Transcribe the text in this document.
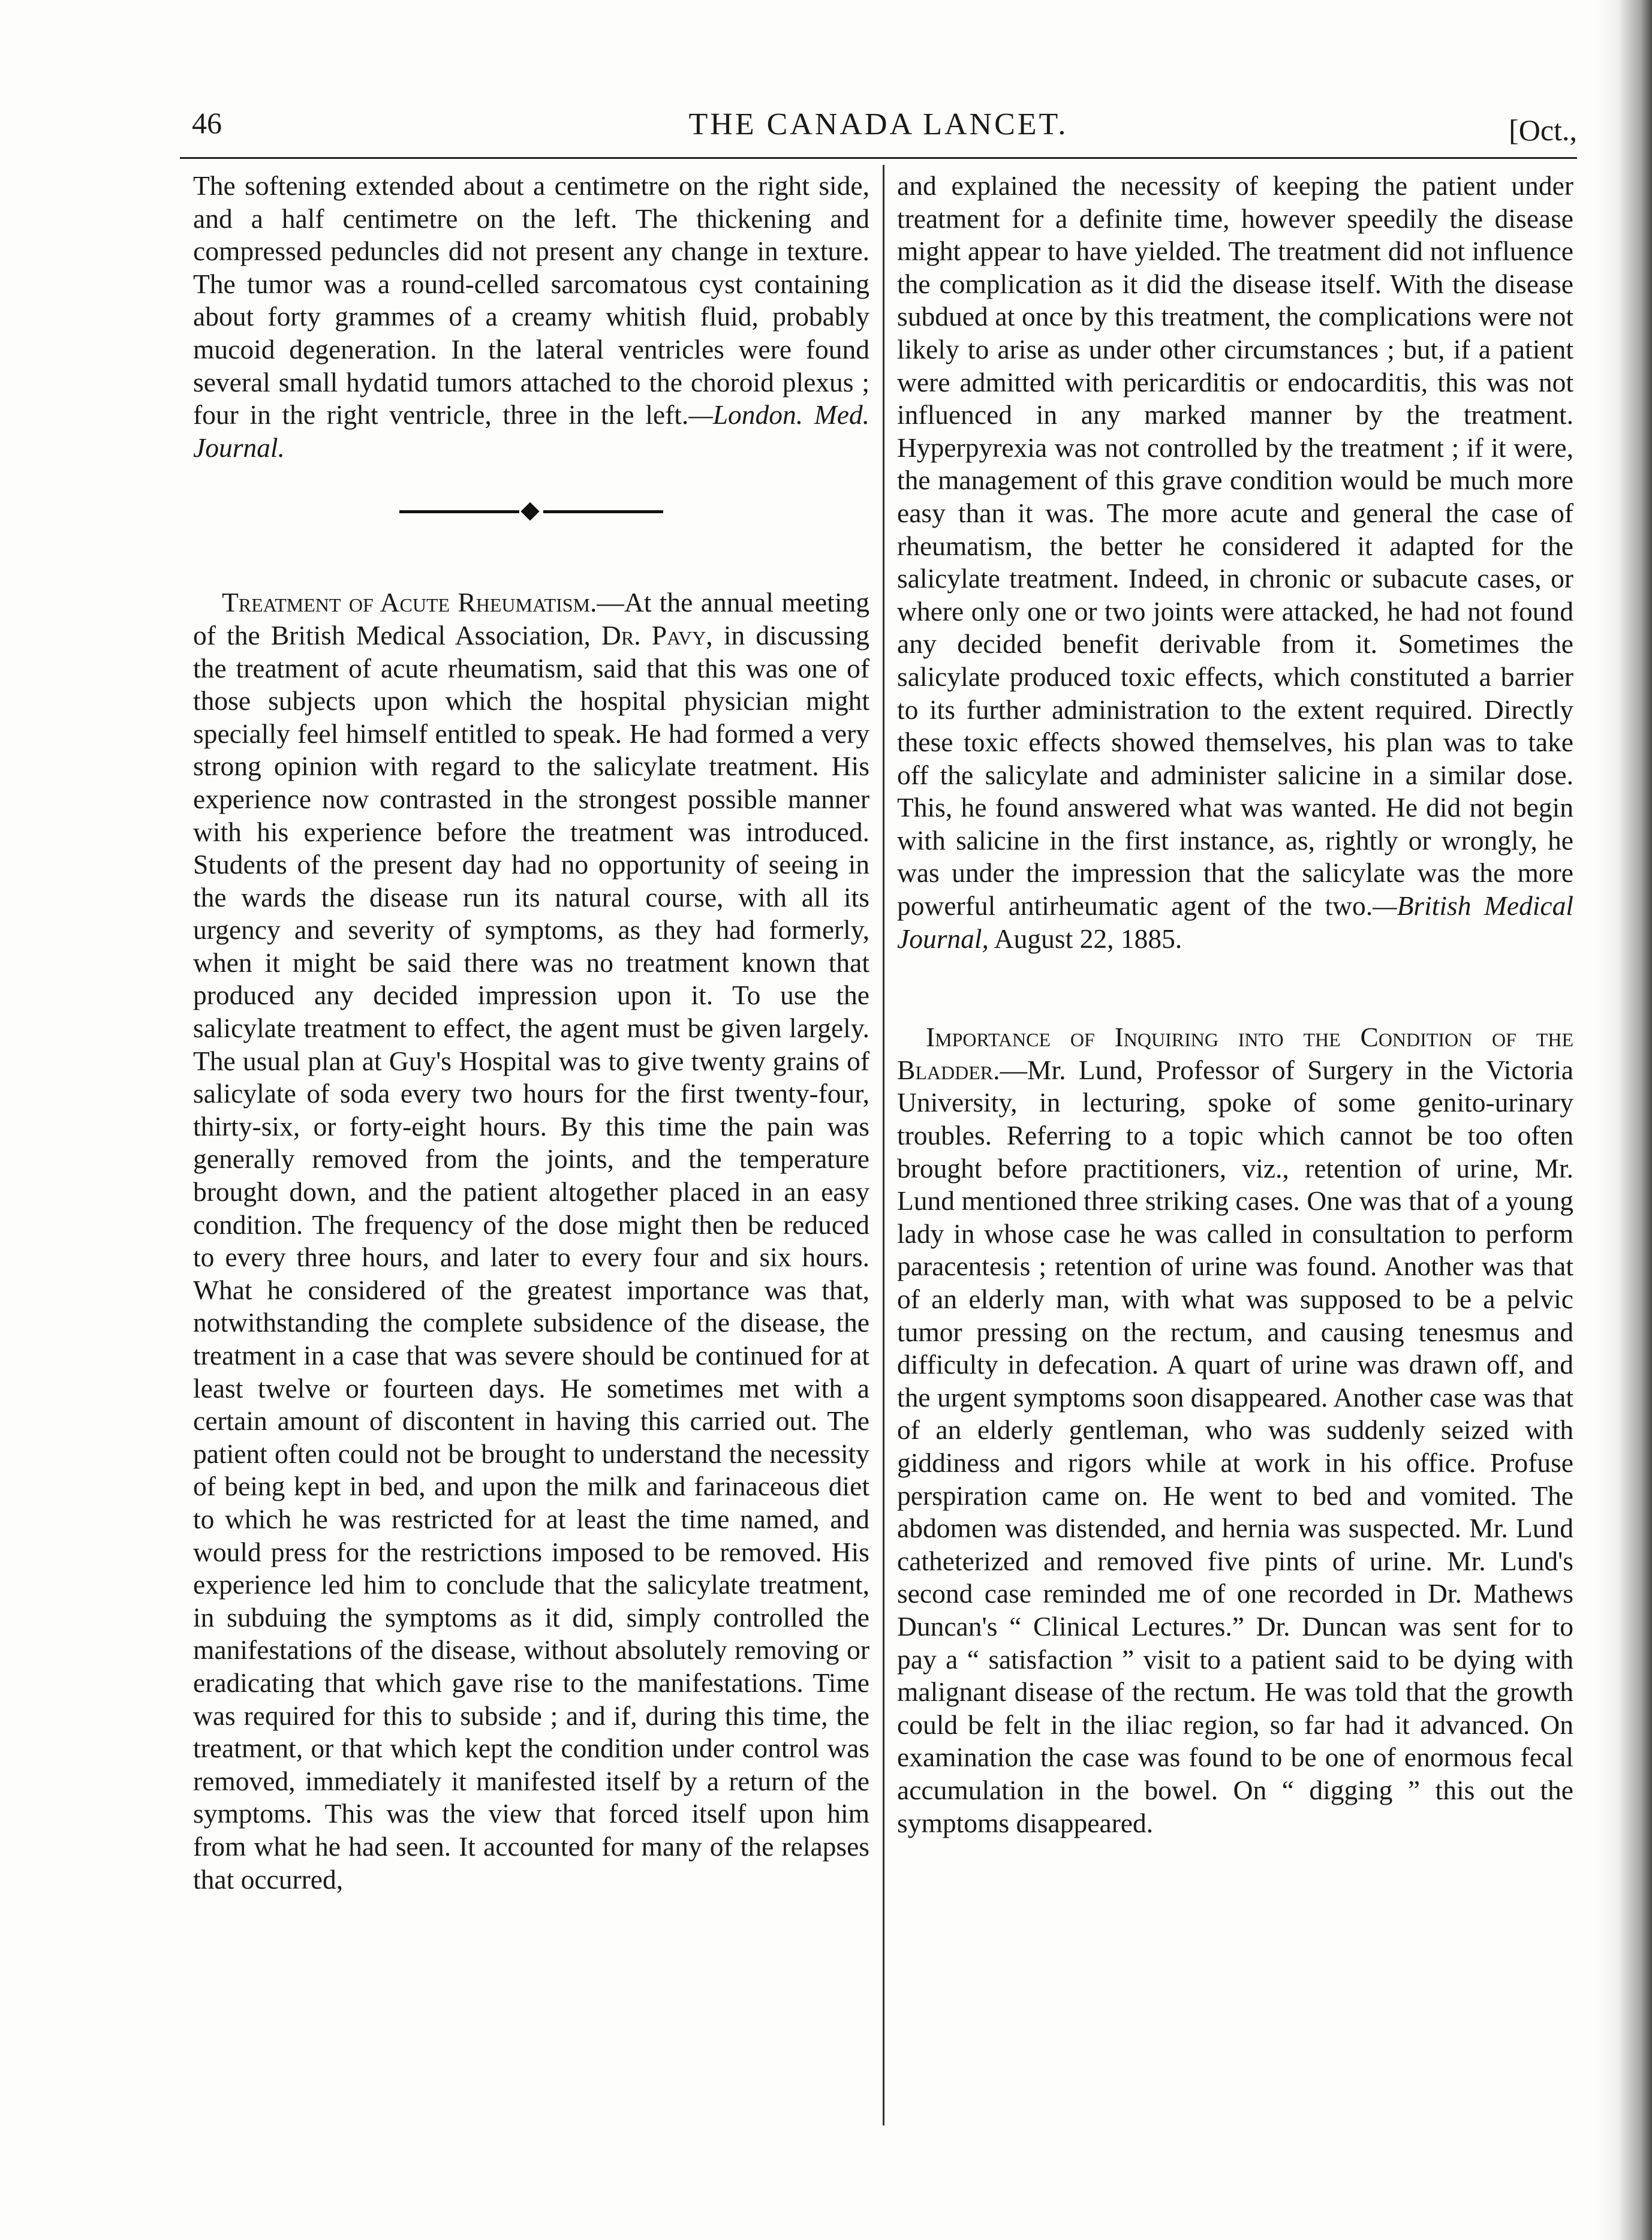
46	THE CANADA LANCET.	[Oct.,

The softening extended about a centimetre on the right side, and a half centimetre on the left. The thickening and compressed peduncles did not present any change in texture. The tumor was a round-celled sarcomatous cyst containing about forty grammes of a creamy whitish fluid, probably mucoid degeneration. In the lateral ventricles were found several small hydatid tumors attached to the choroid plexus ; four in the right ventricle, three in the left.—London. Med. Journal.

Treatment of Acute Rheumatism.—At the annual meeting of the British Medical Association, Dr. Pavy, in discussing the treatment of acute rheumatism, said that this was one of those subjects upon which the hospital physician might specially feel himself entitled to speak. He had formed a very strong opinion with regard to the salicylate treatment. His experience now contrasted in the strongest possible manner with his experience before the treatment was introduced. Students of the present day had no opportunity of seeing in the wards the disease run its natural course, with all its urgency and severity of symptoms, as they had formerly, when it might be said there was no treatment known that produced any decided impression upon it. To use the salicylate treatment to effect, the agent must be given largely. The usual plan at Guy's Hospital was to give twenty grains of salicylate of soda every two hours for the first twenty-four, thirty-six, or forty-eight hours. By this time the pain was generally removed from the joints, and the temperature brought down, and the patient altogether placed in an easy condition. The frequency of the dose might then be reduced to every three hours, and later to every four and six hours. What he considered of the greatest importance was that, notwithstanding the complete subsidence of the disease, the treatment in a case that was severe should be continued for at least twelve or fourteen days. He sometimes met with a certain amount of discontent in having this carried out. The patient often could not be brought to understand the necessity of being kept in bed, and upon the milk and farinaceous diet to which he was restricted for at least the time named, and would press for the restrictions imposed to be removed. His experience led him to conclude that the salicylate treatment, in subduing the symptoms as it did, simply controlled the manifestations of the disease, without absolutely removing or eradicating that which gave rise to the manifestations. Time was required for this to subside ; and if, during this time, the treatment, or that which kept the condition under control was removed, immediately it manifested itself by a return of the symptoms. This was the view that forced itself upon him from what he had seen. It accounted for many of the relapses that occurred,

and explained the necessity of keeping the patient under treatment for a definite time, however speedily the disease might appear to have yielded. The treatment did not influence the complication as it did the disease itself. With the disease subdued at once by this treatment, the complications were not likely to arise as under other circumstances ; but, if a patient were admitted with pericarditis or endocarditis, this was not influenced in any marked manner by the treatment. Hyperpyrexia was not controlled by the treatment ; if it were, the management of this grave condition would be much more easy than it was. The more acute and general the case of rheumatism, the better he considered it adapted for the salicylate treatment. Indeed, in chronic or subacute cases, or where only one or two joints were attacked, he had not found any decided benefit derivable from it. Sometimes the salicylate produced toxic effects, which constituted a barrier to its further administration to the extent required. Directly these toxic effects showed themselves, his plan was to take off the salicylate and administer salicine in a similar dose. This, he found answered what was wanted. He did not begin with salicine in the first instance, as, rightly or wrongly, he was under the impression that the salicylate was the more powerful antirheumatic agent of the two.—British Medical Journal, August 22, 1885.

Importance of Inquiring into the Condition of the Bladder.—Mr. Lund, Professor of Surgery in the Victoria University, in lecturing, spoke of some genito-urinary troubles. Referring to a topic which cannot be too often brought before practitioners, viz., retention of urine, Mr. Lund mentioned three striking cases. One was that of a young lady in whose case he was called in consultation to perform paracentesis ; retention of urine was found. Another was that of an elderly man, with what was supposed to be a pelvic tumor pressing on the rectum, and causing tenesmus and difficulty in defecation. A quart of urine was drawn off, and the urgent symptoms soon disappeared. Another case was that of an elderly gentleman, who was suddenly seized with giddiness and rigors while at work in his office. Profuse perspiration came on. He went to bed and vomited. The abdomen was distended, and hernia was suspected. Mr. Lund catheterized and removed five pints of urine. Mr. Lund's second case reminded me of one recorded in Dr. Mathews Duncan's “ Clinical Lectures.” Dr. Duncan was sent for to pay a “ satisfaction ” visit to a patient said to be dying with malignant disease of the rectum. He was told that the growth could be felt in the iliac region, so far had it advanced. On examination the case was found to be one of enormous fecal accumulation in the bowel. On “ digging ” this out the symptoms disappeared.
